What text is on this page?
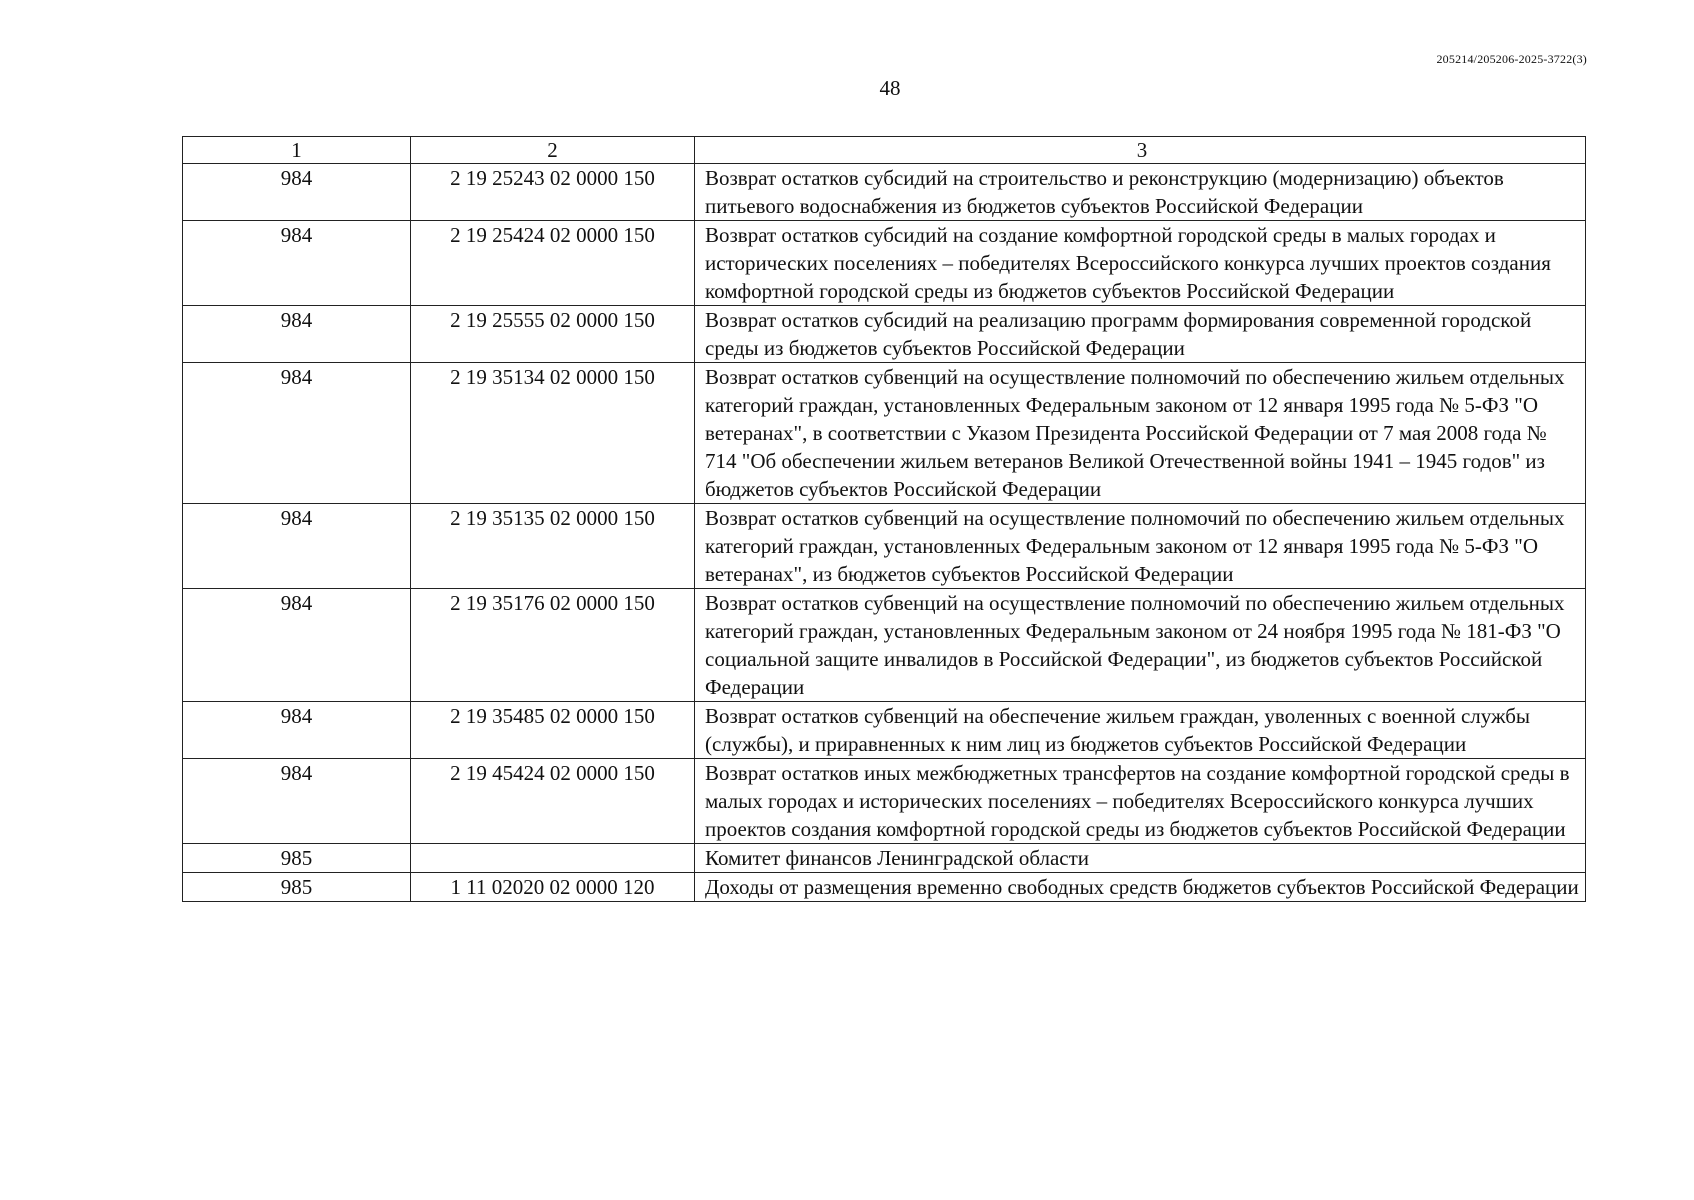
205214/205206-2025-3722(3)
48
1	2	3
984	2 19 25243 02 0000 150	Возврат остатков субсидий на строительство и реконструкцию (модернизацию) объектов питьевого водоснабжения из бюджетов субъектов Российской Федерации
984	2 19 25424 02 0000 150	Возврат остатков субсидий на создание комфортной городской среды в малых городах и исторических поселениях – победителях Всероссийского конкурса лучших проектов создания комфортной городской среды из бюджетов субъектов Российской Федерации
984	2 19 25555 02 0000 150	Возврат остатков субсидий на реализацию программ формирования современной городской среды из бюджетов субъектов Российской Федерации
984	2 19 35134 02 0000 150	Возврат остатков субвенций на осуществление полномочий по обеспечению жильем отдельных категорий граждан, установленных Федеральным законом от 12 января 1995 года № 5-ФЗ "О ветеранах", в соответствии с Указом Президента Российской Федерации от 7 мая 2008 года № 714 "Об обеспечении жильем ветеранов Великой Отечественной войны 1941 – 1945 годов" из бюджетов субъектов Российской Федерации
984	2 19 35135 02 0000 150	Возврат остатков субвенций на осуществление полномочий по обеспечению жильем отдельных категорий граждан, установленных Федеральным законом от 12 января 1995 года № 5-ФЗ "О ветеранах", из бюджетов субъектов Российской Федерации
984	2 19 35176 02 0000 150	Возврат остатков субвенций на осуществление полномочий по обеспечению жильем отдельных категорий граждан, установленных Федеральным законом от 24 ноября 1995 года № 181-ФЗ "О социальной защите инвалидов в Российской Федерации", из бюджетов субъектов Российской Федерации
984	2 19 35485 02 0000 150	Возврат остатков субвенций на обеспечение жильем граждан, уволенных с военной службы (службы), и приравненных к ним лиц из бюджетов субъектов Российской Федерации
984	2 19 45424 02 0000 150	Возврат остатков иных межбюджетных трансфертов на создание комфортной городской среды в малых городах и исторических поселениях – победителях Всероссийского конкурса лучших проектов создания комфортной городской среды из бюджетов субъектов Российской Федерации
985		Комитет финансов Ленинградской области
985	1 11 02020 02 0000 120	Доходы от размещения временно свободных средств бюджетов субъектов Российской Федерации
